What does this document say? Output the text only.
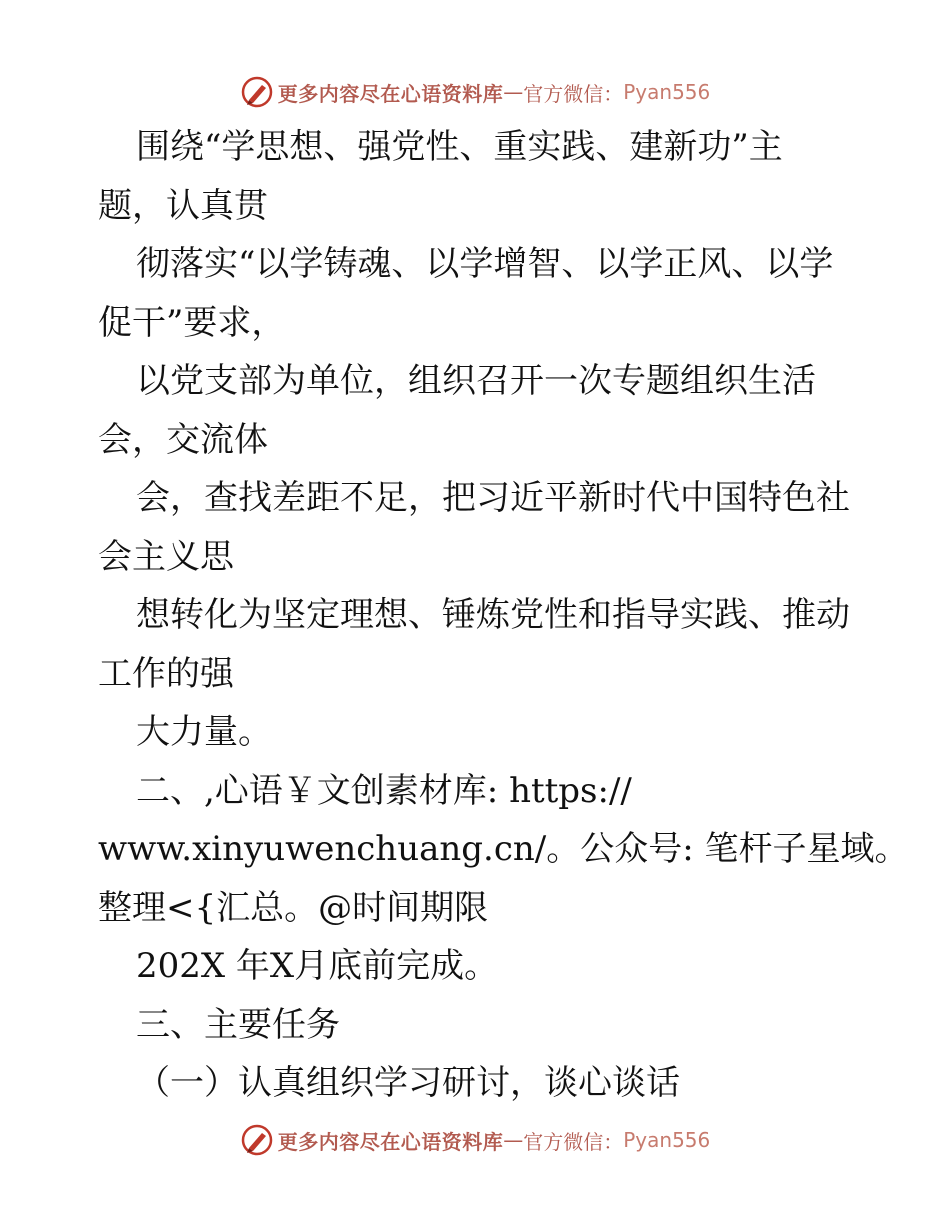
更多内容尽在心语资料库 — 官方微信： Pyan556
围绕“学思想、强党性、重实践、建新功”主
题，认真贯
彻落实“以学铸魂、以学增智、以学正风、以学
促干”要求，
以党支部为单位，组织召开一次专题组织生活
会，交流体
会，查找差距不足，把习近平新时代中国特色社
会主义思
想转化为坚定理想、锤炼党性和指导实践、推动
工作的强
大力量。
二、,心语￥文创素材库: https://
www.xinyuwenchuang.cn/。公众号: 笔杆子星域。
整理<{汇总。@时间期限
202X 年X月底前完成。
三、主要任务
（一）认真组织学习研讨，谈心谈话
更多内容尽在心语资料库 — 官方微信： Pyan556
